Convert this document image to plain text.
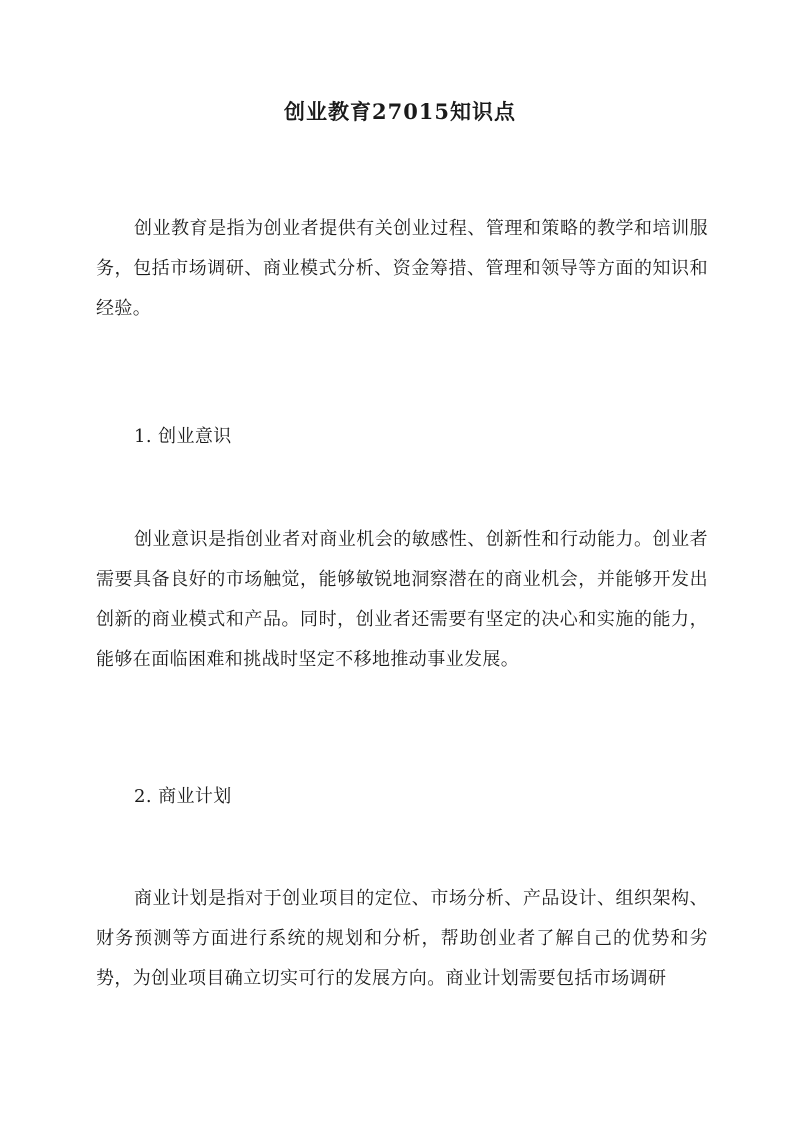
创业教育27015知识点

创业教育是指为创业者提供有关创业过程、管理和策略的教学和培训服务，包括市场调研、商业模式分析、资金筹措、管理和领导等方面的知识和经验。

1. 创业意识

创业意识是指创业者对商业机会的敏感性、创新性和行动能力。创业者需要具备良好的市场触觉，能够敏锐地洞察潜在的商业机会，并能够开发出创新的商业模式和产品。同时，创业者还需要有坚定的决心和实施的能力，能够在面临困难和挑战时坚定不移地推动事业发展。

2. 商业计划

商业计划是指对于创业项目的定位、市场分析、产品设计、组织架构、财务预测等方面进行系统的规划和分析，帮助创业者了解自己的优势和劣势，为创业项目确立切实可行的发展方向。商业计划需要包括市场调研
